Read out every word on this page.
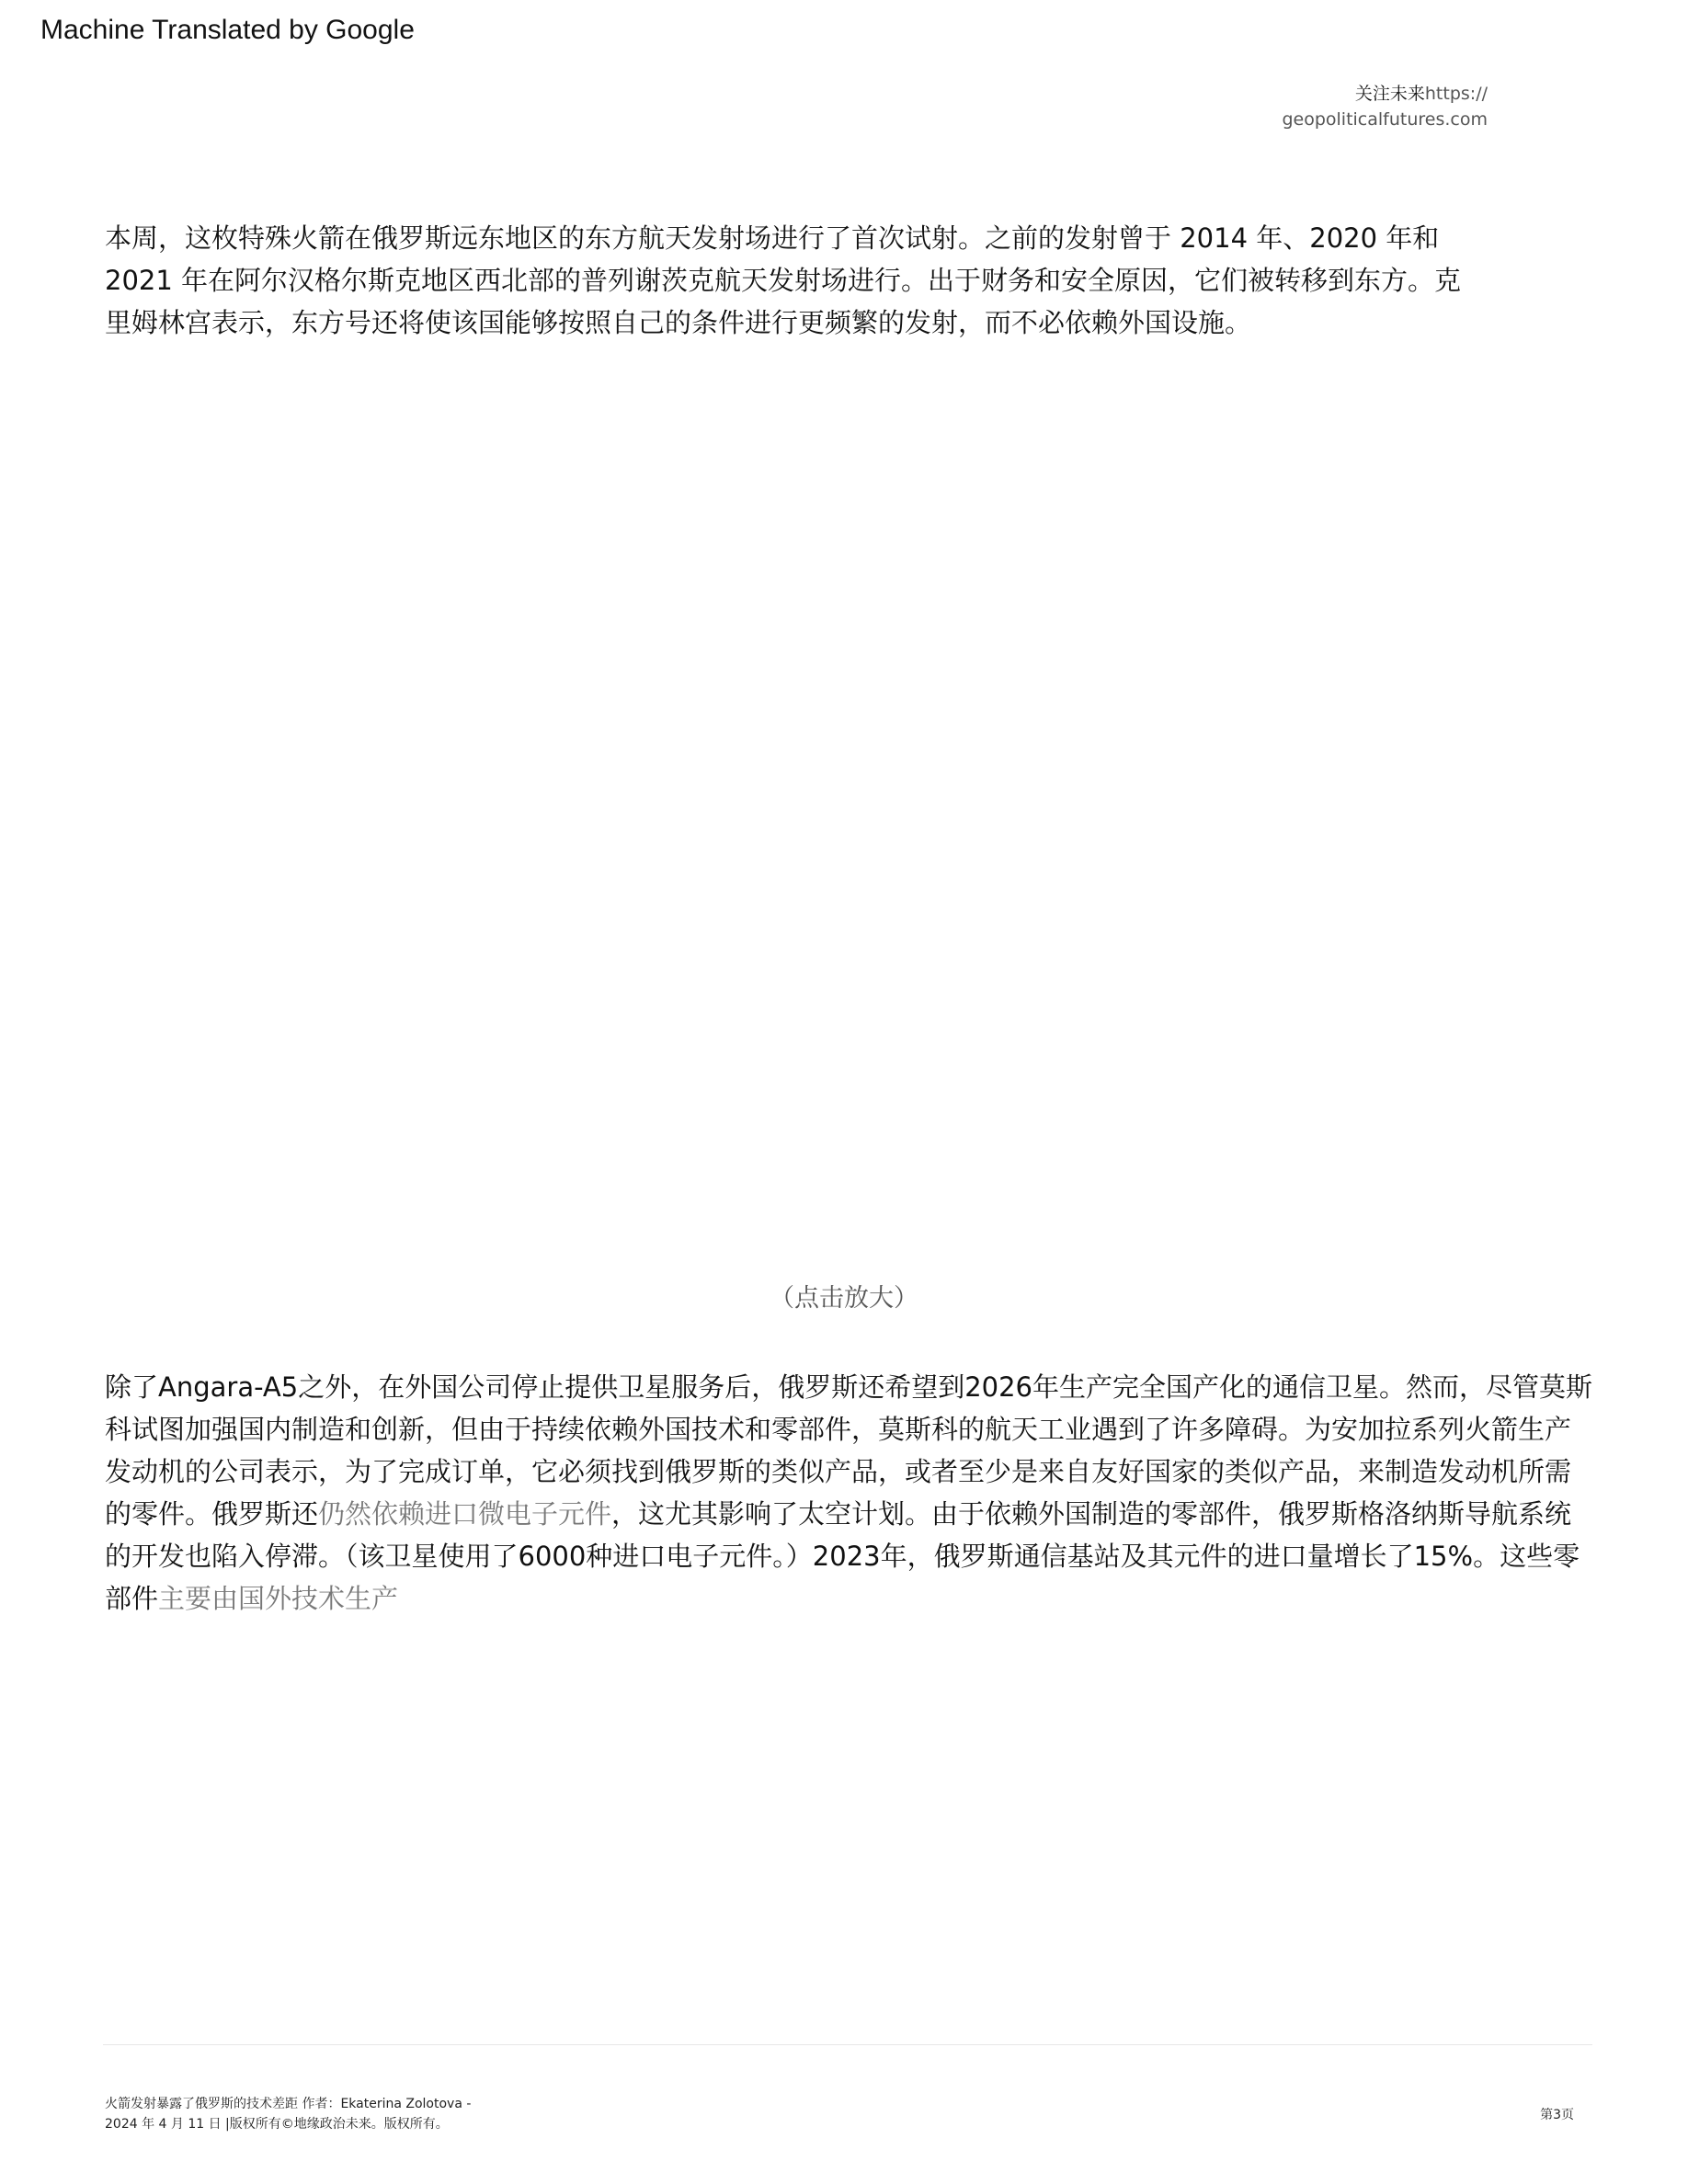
Machine Translated by Google
关注未来https://
geopoliticalfutures.com

本周，这枚特殊火箭在俄罗斯远东地区的东方航天发射场进行了首次试射。之前的发射曾于 2014 年、2020 年和 2021 年在阿尔汉格尔斯克地区西北部的普列谢茨克航天发射场进行。出于财务和安全原因，它们被转移到东方。克里姆林宫表示，东方号还将使该国能够按照自己的条件进行更频繁的发射，而不必依赖外国设施。

（点击放大）

除了Angara-A5之外，在外国公司停止提供卫星服务后，俄罗斯还希望到2026年生产完全国产化的通信卫星。然而，尽管莫斯科试图加强国内制造和创新，但由于持续依赖外国技术和零部件，莫斯科的航天工业遇到了许多障碍。为安加拉系列火箭生产发动机的公司表示，为了完成订单，它必须找到俄罗斯的类似产品，或者至少是来自友好国家的类似产品，来制造发动机所需的零件。俄罗斯还仍然依赖进口微电子元件，这尤其影响了太空计划。由于依赖外国制造的零部件，俄罗斯格洛纳斯导航系统的开发也陷入停滞。（该卫星使用了6000种进口电子元件。）2023年，俄罗斯通信基站及其元件的进口量增长了15%。这些零部件主要由国外技术生产

火箭发射暴露了俄罗斯的技术差距 作者：Ekaterina Zolotova -
2024 年 4 月 11 日 |版权所有©地缘政治未来。版权所有。
第3页
